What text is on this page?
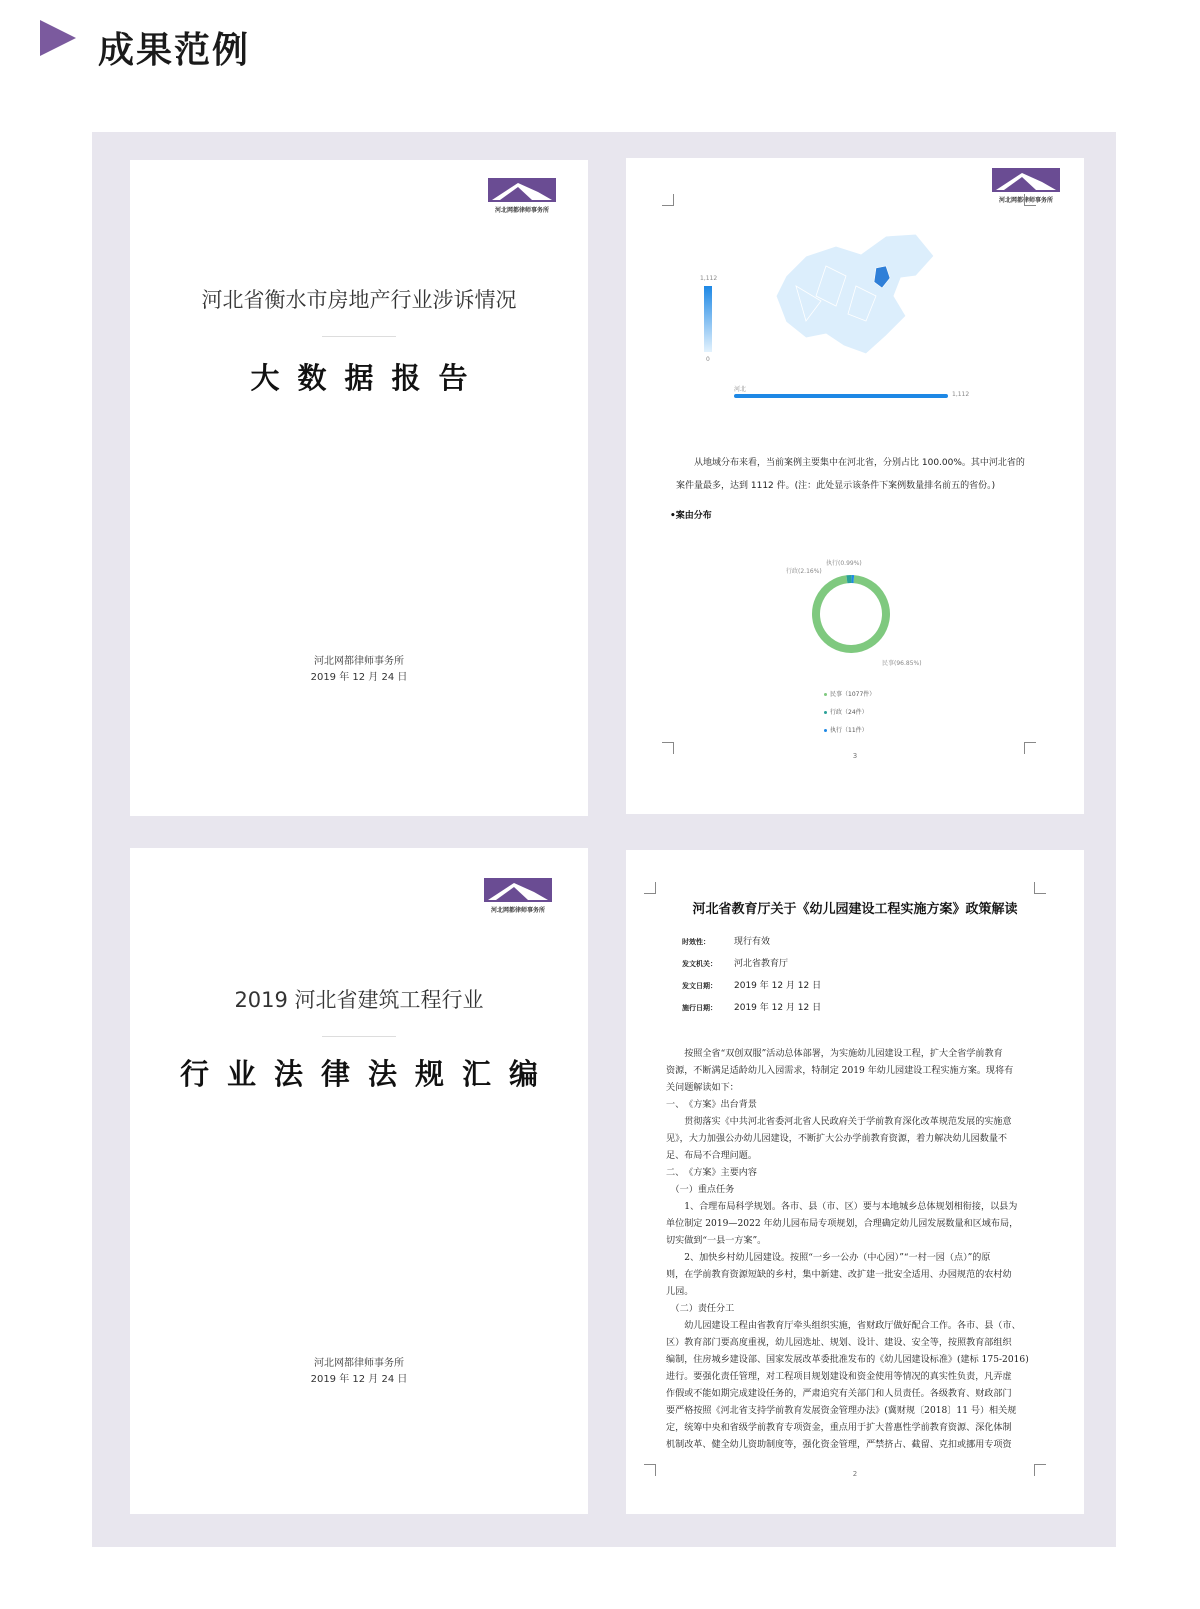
成果范例
河北网都律师事务所
河北省衡水市房地产行业涉诉情况
大数据报告
河北网都律师事务所
2019 年 12 月 24 日
河北网都律师事务所
1,112
0
河北
1,112
从地域分布来看，当前案例主要集中在河北省，分别占比 100.00%。其中河北省的
案件量最多，达到 1112 件。(注：此处显示该条件下案例数量排名前五的省份。)
•案由分布
执行(0.99%)
行政(2.16%)
民事(96.85%)
民事（1077件）
行政（24件）
执行（11件）
3
河北网都律师事务所
2019 河北省建筑工程行业
行业法律法规汇编
河北网都律师事务所
2019 年 12 月 24 日
河北省教育厅关于《幼儿园建设工程实施方案》政策解读
时效性：	现行有效
发文机关： 河北省教育厅
发文日期： 2019 年 12 月 12 日
施行日期： 2019 年 12 月 12 日
　　按照全省“双创双服”活动总体部署，为实施幼儿园建设工程，扩大全省学前教育
资源，不断满足适龄幼儿入园需求，特制定 2019 年幼儿园建设工程实施方案。现将有
关问题解读如下：
一、　《方案》出台背景
　　贯彻落实《中共河北省委河北省人民政府关于学前教育深化改革规范发展的实施意
见》，大力加强公办幼儿园建设，不断扩大公办学前教育资源，着力解决幼儿园数量不
足、布局不合理问题。
二、　《方案》主要内容
　（一）重点任务
　　1、合理布局科学规划。各市、县（市、区）要与本地城乡总体规划相衔接，以县为
单位制定 2019—2022 年幼儿园布局专项规划，合理确定幼儿园发展数量和区域布局，
切实做到“一县一方案”。
　　2、加快乡村幼儿园建设。按照“一乡一公办（中心园）”“一村一园（点）”的原
则，在学前教育资源短缺的乡村，集中新建、改扩建一批安全适用、办园规范的农村幼
儿园。
　（二）责任分工
　　幼儿园建设工程由省教育厅牵头组织实施，省财政厅做好配合工作。各市、县（市、
区）教育部门要高度重视，幼儿园选址、规划、设计、建设、安全等，按照教育部组织
编制，住房城乡建设部、国家发展改革委批准发布的《幼儿园建设标准》(建标 175-2016)
进行。要强化责任管理，对工程项目规划建设和资金使用等情况的真实性负责，凡弄虚
作假或不能如期完成建设任务的，严肃追究有关部门和人员责任。各级教育、财政部门
要严格按照《河北省支持学前教育发展资金管理办法》(冀财规〔2018〕11 号）相关规
定，统筹中央和省级学前教育专项资金，重点用于扩大普惠性学前教育资源、深化体制
机制改革、健全幼儿资助制度等，强化资金管理，严禁挤占、截留、克扣或挪用专项资
2
